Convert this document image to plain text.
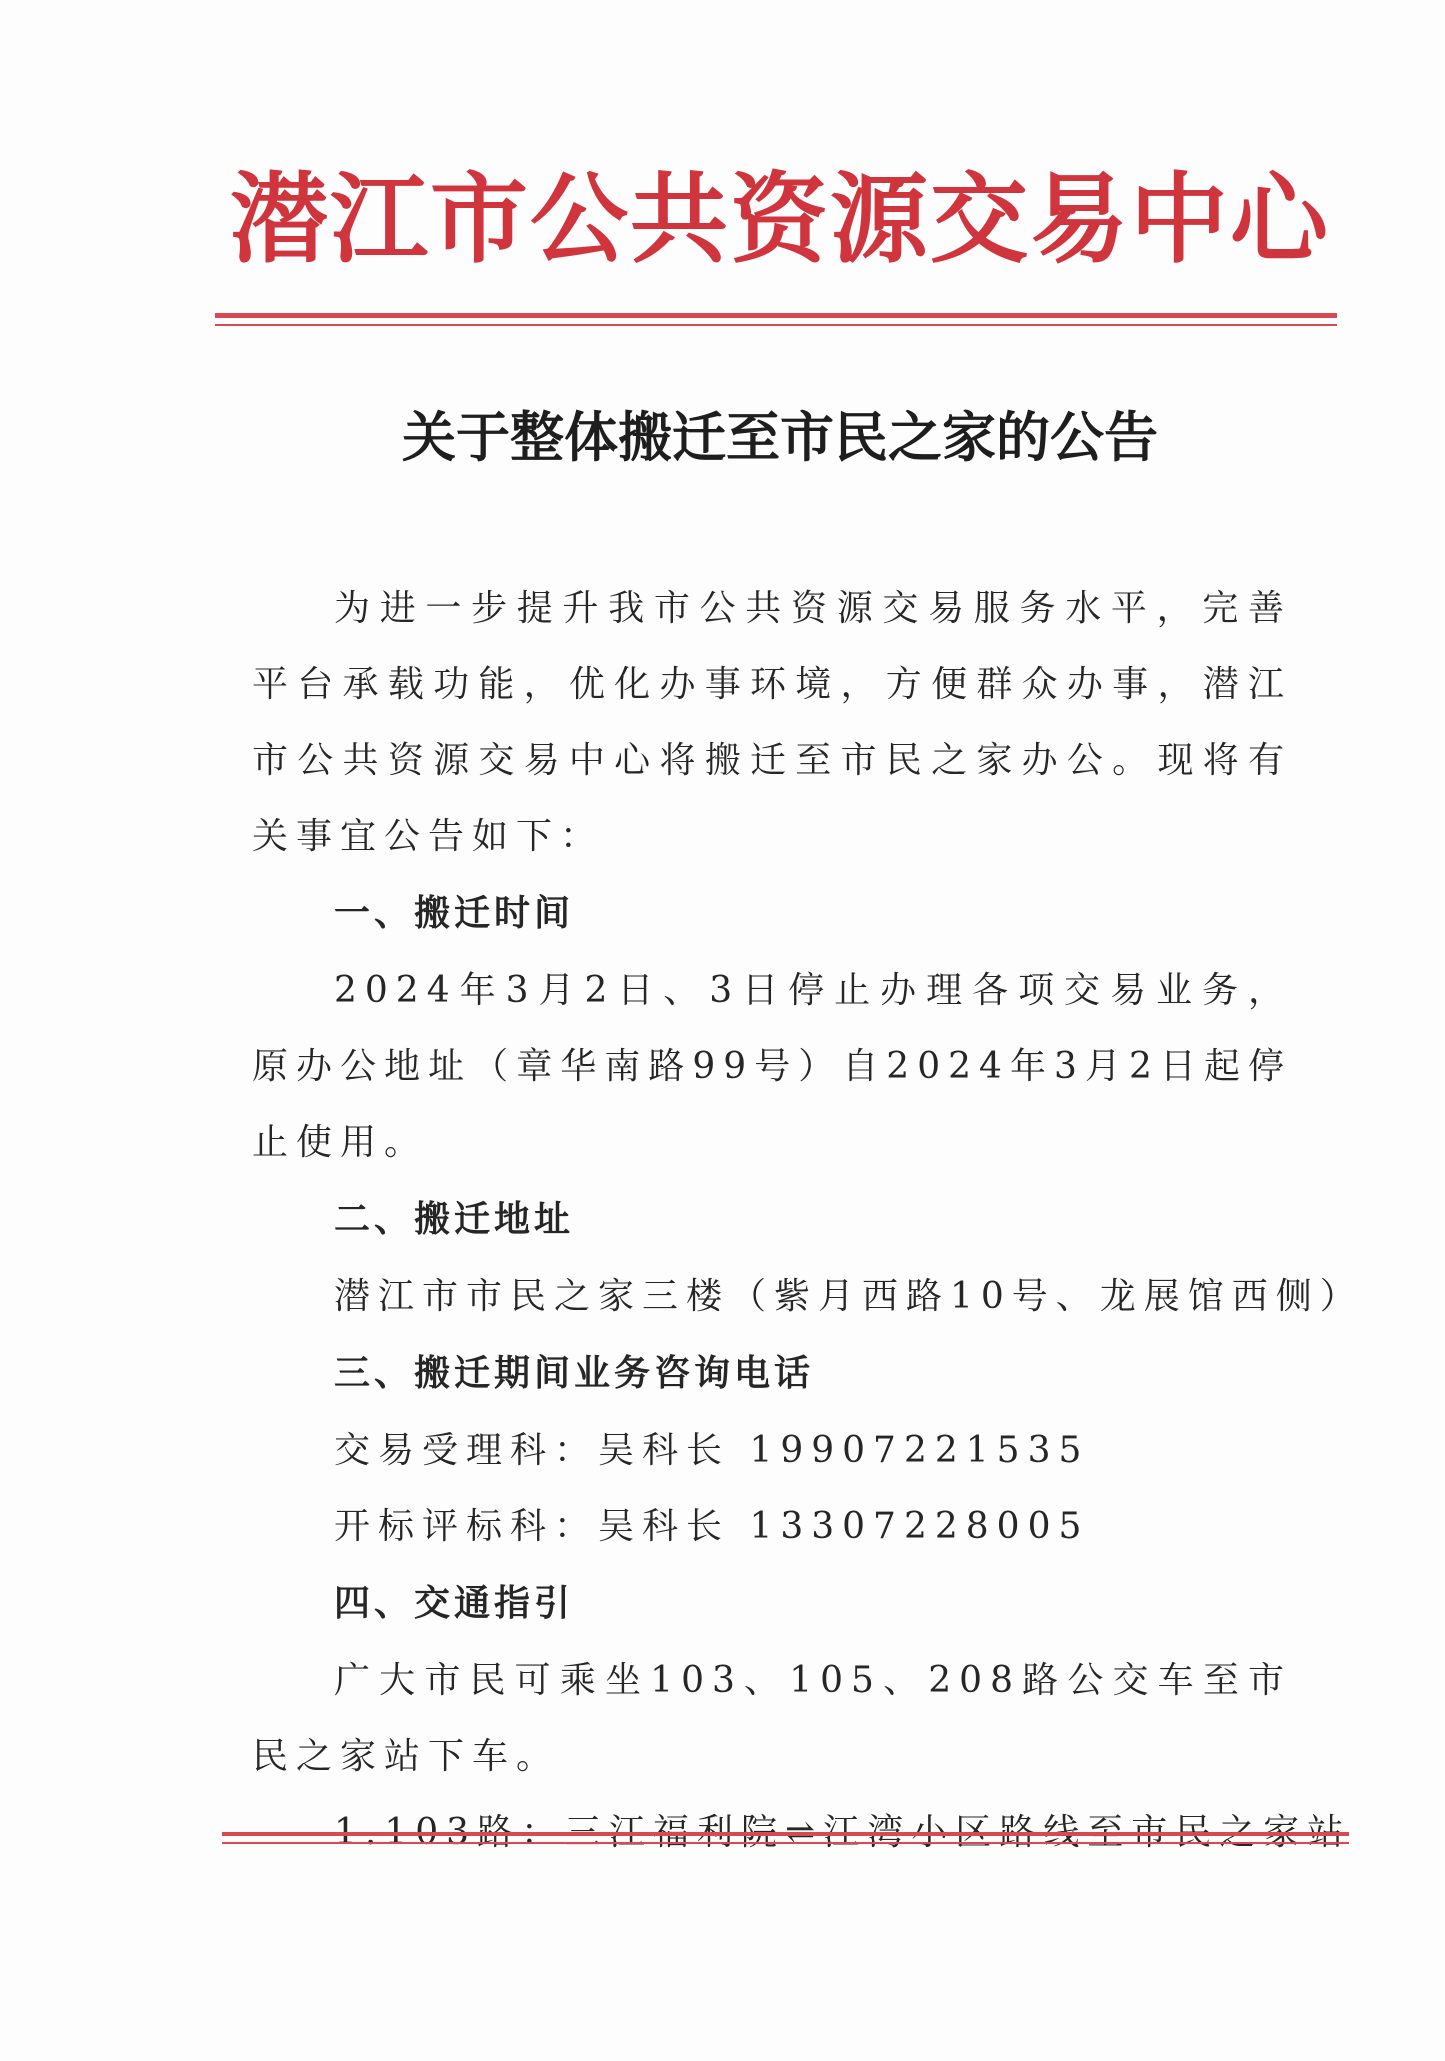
潜江市公共资源交易中心
关于整体搬迁至市民之家的公告

为进一步提升我市公共资源交易服务水平，完善平台承载功能，优化办事环境，方便群众办事，潜江市公共资源交易中心将搬迁至市民之家办公。现将有关事宜公告如下：

一、搬迁时间

2024年3月2日、3日停止办理各项交易业务，原办公地址（章华南路99号）自2024年3月2日起停止使用。

二、搬迁地址

潜江市市民之家三楼（紫月西路10号、龙展馆西侧）

三、搬迁期间业务咨询电话

交易受理科：吴科长 19907221535

开标评标科：吴科长 13307228005

四、交通指引

广大市民可乘坐103、105、208路公交车至市民之家站下车。

1.103路：三江福利院⇌江湾小区路线至市民之家站
